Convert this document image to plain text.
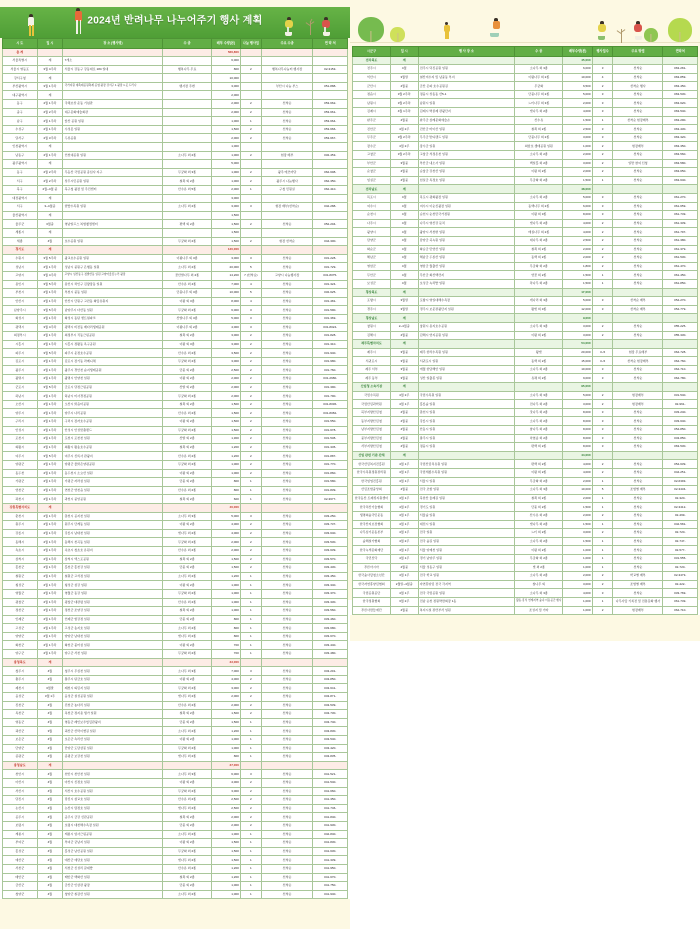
2024년 반려나무 나누어주기 행사 계획
시 도	일 시	장 소 (행사명)	수 종	배부 수량(본)	나눔 행사일	주요 수종	연 락 처
총 계				566,800			
서울특별시	계	7개소		6,000			
서울시 영등포	3월 4주차	서울시 강동구 강동대로 184 일대	행복나무 무료	800	2	행복나무나눔터 행사장	02-3153-
강서구청	계			10,000			
부산광역시	3월 1주차	국가지원 대축제공원축제 공영 광장 강서구 1 광장 1 곳 드리나	행사장 주변	3,000		부산시 나눔 부스	051-888-
대구광역시	계			2,000			
동구	4월 1주차	국채보상 운동 기념관		2,000	2	선착순	053-662-
중구	4월 2주차	대구문화예술회관		2,000	2	선착순	053-661-
남구	4월 1주차	앞산 공원 일원		1,000	1	선착순	053-664-
수성구	4월 1주차	수성못 일원		1,500	2	선착순	053-666-
달서구	4월 3주차	두류공원		2,000	2	선착순	053-667-
인천광역시	계			1,000			
남동구	4월 1주차	인천대공원 일원	소나무 외 2종	1,000	2	현장 배부	032-453-
광주광역시	계			5,000			
동구	4월 2주차	무등산 국립공원 증심사 지구	무궁화 외 3종	1,000	2	광주 에코마당	062-608-
서구	4월 2주차	상무시민공원 일원	철쭉 외 2종	1,000	2	광주시 나눔행사	062-350-
북구	2월~4월 중	북구청 광장 및 주민센터	산수유 외 5종	2,000	1	구청 민원실	062-410-
대전광역시	계			3,000			
서구	3~4월중	한밭수목원 일원	소나무 외 2종	3,000	3	현장 배부(선착순)	042-288-
울산광역시	계			1,500			
울주군	3월중	영남알프스 복합웰컴센터	편백 외 2종	1,500	2	선착순	052-204-
세종시	계			1,500			
세종	4월	호수공원 일원	무궁화 외 2종	1,500	2	현장 선착순	044-300-
경기도	계			120,000			
수원시	3월 5주차	광교호수공원 일원	이팝나무 외 3종	3,000	3	선착순	031-228-
성남시	4월 1주차	성남시 중원구 은행동 일원	소나무 외 2종	20,000	5	선착순	031-729-
고양시	3월 4주차	고양시 일산동구 정발산동 일원 고양어울림누리 광장	꽃산딸나무 외 4종	14,200	7 (선착순)	고양시 나눔행사장	031-8075-
용인시	3월 5주차	용인시 처인구 김량장동 일원	산수유 외 4종	7,000	4	선착순	031-324-
부천시	4월 1주차	부천시 중동 일원	단풍나무 외 3종	10,000	5	선착순	032-625-
안산시	4월 1주차	안산시 단원구 고잔동 화랑유원지	이팝 외 3종	8,000	4	선착순	031-481-
남양주시	3월 5주차	남양주시 다산동 일원	무궁화 외 2종	6,000	3	선착순	031-590-
화성시	4월 1주차	화성시 동탄 센트럴파크	산딸나무 외 3종	5,000	3	선착순	031-369-
평택시	3월 4주차	평택시 비전동 배다리생태공원	이팝나무 외 2종	4,000	3	선착순	031-8024-
의정부시	4월 1주차	의정부시 직동근린공원	철쭉 외 2종	3,000	2	선착순	031-828-
시흥시	4월 1주차	시흥시 정왕동 옥구공원	이팝 외 3종	3,000	2	선착순	031-310-
파주시	3월 5주차	파주시 운정호수공원	산수유 외 2종	3,500	2	선착순	031-940-
김포시	4월 1주차	김포시 장기동 라베니체	무궁화 외 2종	3,000	2	선착순	031-980-
광주시	4월 1주차	광주시 경안천 습지생태공원	단풍 외 2종	2,500	2	선착순	031-760-
광명시	4월 1주차	광명시 안양천 일원	이팝 외 2종	2,000	2	선착순	031-2680-
군포시	3월 5주차	군포시 당정근린공원	산딸 외 2종	2,000	2	선착순	031-390-
하남시	4월 1주차	하남시 미사경정공원	무궁화 외 2종	2,000	2	선착순	031-790-
오산시	4월 1주차	오산시 맑음터공원	철쭉 외 2종	1,500	2	선착순	031-8036-
양주시	4월 1주차	양주시 나리공원	산수유 외 2종	1,500	2	선착순	031-8082-
구리시	4월 1주차	구리시 장자호수공원	이팝 외 2종	1,500	2	선착순	031-550-
안성시	4월 1주차	안성시 안성맞춤랜드	무궁화 외 2종	1,500	2	선착순	031-678-
포천시	4월 1주차	포천시 포천천 일원	산딸 외 2종	1,300	2	선착순	031-538-
의왕시	4월 1주차	의왕시 왕송호수공원	철쭉 외 2종	1,200	2	선착순	031-345-
여주시	3월 5주차	여주시 신륵사 관광지	산수유 외 2종	1,200	2	선착순	031-887-
양평군	4월 1주차	양평군 물맑은양평공원	무궁화 외 2종	1,000	2	선착순	031-770-
동두천	4월 1주차	동두천시 소요산 일원	이팝 외 2종	1,000	2	선착순	031-860-
가평군	4월 1주차	가평군 자라섬 일원	단풍 외 2종	800	1	선착순	031-580-
연천군	4월 1주차	연천군 연천읍 일원	산수유 외 2종	800	1	선착순	031-839-
과천시	4월 1주차	과천시 중앙공원	철쭉 외 2종	600	1	선착순	02-3677-
강원특별자치도	계			40,000			
춘천시	4월 1주차	춘천시 공지천 일원	소나무 외 3종	5,000	3	선착순	033-250-
원주시	4월 1주차	원주시 단계동 일원	이팝 외 2종	4,000	2	선착순	033-737-
강릉시	4월 1주차	강릉시 남대천 일원	벚나무 외 2종	4,000	2	선착순	033-640-
동해시	4월 1주차	동해시 천곡동 일원	무궁화 외 2종	2,000	2	선착순	033-530-
속초시	4월 1주차	속초시 청초호 유원지	산수유 외 2종	2,000	2	선착순	033-639-
삼척시	4월 1주차	삼척시 엑스포공원	철쭉 외 2종	1,500	2	선착순	033-570-
홍천군	4월 1주차	홍천군 홍천강 일원	단풍 외 2종	1,500	2	선착순	033-430-
철원군	4월 1주차	철원군 고석정 일원	소나무 외 2종	1,200	1	선착순	033-450-
횡성군	4월 1주차	횡성군 섬강 일원	이팝 외 2종	1,000	1	선착순	033-340-
영월군	4월 1주차	영월군 동강 일원	무궁화 외 2종	1,000	1	선착순	033-370-
평창군	4월 1주차	평창군 대관령 일원	산수유 외 2종	1,000	1	선착순	033-330-
정선군	4월 1주차	정선군 조양강 일원	철쭉 외 2종	1,000	1	선착순	033-560-
인제군	4월 1주차	인제군 합강정 일원	단풍 외 2종	800	1	선착순	033-460-
고성군	4월 1주차	고성군 송지호 일원	소나무 외 2종	800	1	선착순	033-680-
양양군	4월 1주차	양양군 남대천 일원	벚나무 외 2종	800	1	선착순	033-670-
화천군	4월 1주차	화천군 붕어섬 일원	이팝 외 2종	700	1	선착순	033-440-
양구군	4월 1주차	양구군 서천 일원	무궁화 외 2종	700	1	선착순	033-480-
충청북도	계			33,000			
청주시	4월	청주시 무심천 일원	소나무 외 3종	7,000	3	선착순	043-201-
충주시	4월	충주시 탄금호 일원	이팝 외 2종	4,000	2	선착순	043-850-
제천시	3월말	제천시 의림지 일원	무궁화 외 2종	3,000	2	선착순	043-641-
음성군	3월 1주	음성군 설성공원 일원	벚나무 외 2종	2,000	2	선착순	043-871-
진천군	4월	진천군 농다리 일원	산수유 외 2종	2,000	2	선착순	043-539-
옥천군	4월	옥천군 정지용 생가 일원	철쭉 외 2종	1,500	2	선착순	043-730-
영동군	4월	영동군 레인보우힐링관광지	단풍 외 2종	1,500	1	선착순	043-740-
괴산군	3월	괴산군 산막이옛길 일원	소나무 외 2종	1,200	1	선착순	043-830-
보은군	4월	보은군 속리산 일원	이팝 외 2종	1,000	1	선착순	043-540-
단양군	4월	단양군 도담삼봉 일원	무궁화 외 2종	1,000	1	선착순	043-420-
증평군	4월	증평군 보강천 일원	벚나무 외 2종	800	1	선착순	043-835-
충청남도	계			37,000			
천안시	4월	천안시 천안천 일원	소나무 외 3종	6,000	3	선착순	041-521-
아산시	4월	아산시 신정호 일원	이팝 외 2종	4,000	2	선착순	041-540-
서산시	4월	서산시 호수공원 일원	무궁화 외 2종	3,000	2	선착순	041-660-
당진시	4월	당진시 삽교호 일원	산수유 외 2종	2,500	2	선착순	041-350-
논산시	4월	논산시 탑정호 일원	벚나무 외 2종	2,500	2	선착순	041-746-
공주시	4월	공주시 금강 신관공원	철쭉 외 2종	2,000	2	선착순	041-840-
보령시	4월	보령시 대천해수욕장 일원	단풍 외 2종	2,000	2	선착순	041-930-
계룡시	4월	계룡시 엄사근린공원	소나무 외 2종	1,000	1	선착순	042-840-
부여군	4월	부여군 궁남지 일원	이팝 외 2종	1,500	1	선착순	041-830-
홍성군	4월	홍성군 남산공원 일원	무궁화 외 2종	1,500	1	선착순	041-630-
예산군	4월	예산군 예당호 일원	벚나무 외 2종	1,500	1	선착순	041-339-
서천군	4월	서천군 신성리 갈대밭	산수유 외 2종	1,200	1	선착순	041-950-
태안군	4월	태안군 백화산 일원	철쭉 외 2종	1,200	1	선착순	041-670-
금산군	4월	금산군 인삼관 광장	단풍 외 2종	1,000	1	선착순	041-750-
청양군	4월	청양군 칠갑산 일원	소나무 외 2종	1,000	1	선착순	041-940-
시군구	일 시	행 사 장 소	수 종	배부수량(본)	행사일수	주요 방법	연락처
전라북도	계			45,000			
전주시	4월	전주시 덕진공원 일원	소나무 외 3종	6,000	3	선착순	063-281-
익산시	3월말	철산저수지 및 남중동 부지	이팝나무 외 2종	10,000	4	선착순	063-859-
군산시	4월중	군산 은파 호수공원길	무궁화	6,500	2	선착순 행사	063-450-
정읍시	3월 2주차	정읍시 상동동 산5-1	단풍나무 외 2종	5,000	3	선착순	063-530-
남원시	3월 2주차	남원시 일원	느티나무 외 3종	2,000	3	선착순	063-620-
김제시	4월 1주차	김제시 벽골제 관광단지	벚나무 외 2종	4,000	3	선착순	063-540-
완주군	4월중	완주군 삼례문화예술촌	산수유	1,500	1	선착순 현장배부	063-290-
진안군	4월 2주	진안군 마이산 일원	철쭉 외 2종	2,500	3	선착순	063-430-
무주군	3월 2주차	무주군 반디랜드 일원	단풍나무 외 2종	3,000	3	선착순	063-320-
장수군	4월 2주	장수군 일원	의암호 생태공원 일원	1,000	2	현장배부	063-350-
고창군	3월 2주차	고창군 석정온천 일원	소나무 외 2종	2,000	2	선착순	063-560-
부안군	3월중	부안군 내소사 일원	백일홍 외 2종	3,000	2	일반 참여 신청	063-580-
순창군	4월중	순창군 강천산 일원	이팝 외 2종	2,000	2	선착순	063-650-
임실군	4월중	임실군 옥정호 일원	무궁화 외 2종	1,500	1	선착순	063-640-
전라남도	계			48,000			
목포시	4월	목포시 평화광장 일원	소나무 외 2종	5,000	3	선착순	061-270-
여수시	4월	여수시 이순신광장 일원	동백나무 외 2종	6,000	3	선착순	061-659-
순천시	4월	순천시 순천만국가정원	이팝 외 3종	8,000	3	선착순	061-749-
나주시	4월	나주시 영산강 둔치	벚나무 외 2종	4,000	2	선착순	061-339-
광양시	4월	광양시 서천변 일원	매실나무 외 2종	4,000	2	선착순	061-797-
담양군	4월	담양군 죽녹원 일원	대나무 외 2종	2,500	2	선착순	061-380-
화순군	4월	화순군 만연산 일원	철쭉 외 2종	2,000	2	선착순	061-379-
해남군	4월	해남군 두륜산 일원	동백 외 2종	2,000	2	선착순	061-530-
영암군	4월	영암군 월출산 일원	무궁화 외 2종	1,800	2	선착순	061-470-
무안군	4월	무안군 회산백련지	연꽃 외 2종	1,500	1	선착순	061-450-
보성군	4월	보성군 녹차밭 일원	차나무 외 2종	1,500	1	선착순	061-850-
경상북도	계			17,000			
포항시	3월말	포항시 영일대해수욕장	개나리 외 3종	5,000	3	선착순 배부	054-270-
경주시	3월말	경주시 보문관광단지 일원	왕벚 외 3종	12,000	3	선착순 배부	054-779-
경상남도	계			9,000			
창원시	2~4월중	창원시 용지호수공원	소나무 외 3종	3,000	2	선착순	055-225-
김해시	4월중	김해시 연지공원 일원	이팝 외 2종	3,000	2	선착순	055-330-
제주특별자치도	계			54,000			
제주시	3월중	제주 한라수목원 일원	왕벚	20,000	3~5	현장 무료배부	064-728-
서귀포시	3월중	서귀포시 일원	동백 외 2종	15,000	3~5	선착순 현장배부	064-760-
제주 서부	3월중	애월 한담해안 일원	소나무 외 2종	10,000	3	선착순	064-710-
제주 동부	3월중	성산 일출봉 일원	유채 외 2종	9,000	3	선착순	064-780-
산림청 소속기관	계			95,000			
국립수목원	4월 2주	국립수목원 일원	소나무 외 3종	5,000	2	현장배부	031-540-
국립산림과학원	4월 1주	홍릉숲 일원	전나무 외 2종	3,000	2	현장배부	02-961-
북부지방산림청	4월중	춘천시 일원	잣나무 외 2종	8,000	3	선착순	033-240-
동부지방산림청	4월중	강릉시 일원	소나무 외 2종	8,000	3	선착순	033-640-
남부지방산림청	4월중	안동시 일원	참나무 외 2종	8,000	3	선착순	054-850-
중부지방산림청	4월중	충주시 일원	낙엽송 외 2종	8,000	3	선착순	043-850-
서부지방산림청	4월중	정읍시 일원	편백 외 2종	8,000	3	선착순	063-530-
산림 관련 기관·단체	계			44,000			
한국산림복지진흥원	4월 1주	국립산림치유원 일원	편백 외 2종	4,000	2	선착순	054-639-
한국수목원정원관리원	4월 1주	국립세종수목원 일원	이팝 외 2종	4,000	2	선착순	044-251-
한국임업진흥원	4월 1주	서울시 일원	무궁화 외 2종	2,000	1	선착순	02-6393-
산림조합중앙회	4월중	전국 조합 일원	소나무 외 3종	10,000	5	조합별 배부	02-3434-
한국등산·트레킹지원센터	4월 1주	북한산 둘레길 일원	철쭉 외 2종	2,000	1	선착순	02-320-
한국치산기술협회	4월 2주	경기도 일원	단풍 외 2종	1,500	1	선착순	02-3412-
생명의숲국민운동	4월 1주	서울숲 일원	산수유 외 2종	2,000	2	선착순	02-499-
한국산지보전협회	4월 1주	대전시 일원	벚나무 외 2종	1,500	1	선착순	042-581-
나무심기운동본부	4월 1주	전국 일원	느티 외 2종	3,000	2	선착순	02-720-
숲해설가협회	4월 2주	전국 숲길 일원	소나무 외 2종	1,500	1	선착순	02-747-
한국녹색문화재단	4월 1주	서울 양재천 일원	이팝 외 2종	1,000	1	선착순	02-577-
국민신탁	4월 1주	경기 남양주 일원	무궁화 외 2종	1,000	1	선착순	031-555-
푸른아시아	4월중	서울 성동구 일원	벚 외 2종	1,000	1	선착순	02-720-
한국숲사랑청소년단	4월 1주	전국 학교 일원	소나무 외 2종	2,000	2	학교별 배부	02-3473-
한국자연휴양림협회	2월말~4월중	자연휴양림 전국 각지역	참나무 외	3,000	2	조합별 배부	02-422-
국립공원공단	4월 1주	전국 국립공원 일원	소나무 외 3종	4,000	3	선착순	033-769-
한국정원협회	3월 2주	전남 순천 정원박람회장 1동	활동·휴식 연계지역 숲속 이동공간 행사	1,000	1	나무사랑 기록전 및 전통문화 행사	061-749-
푸른사람들재단	4월중	복지시설 관련부서 일원	조성지 및 기타	1,000	2	현장배부	064-710-
